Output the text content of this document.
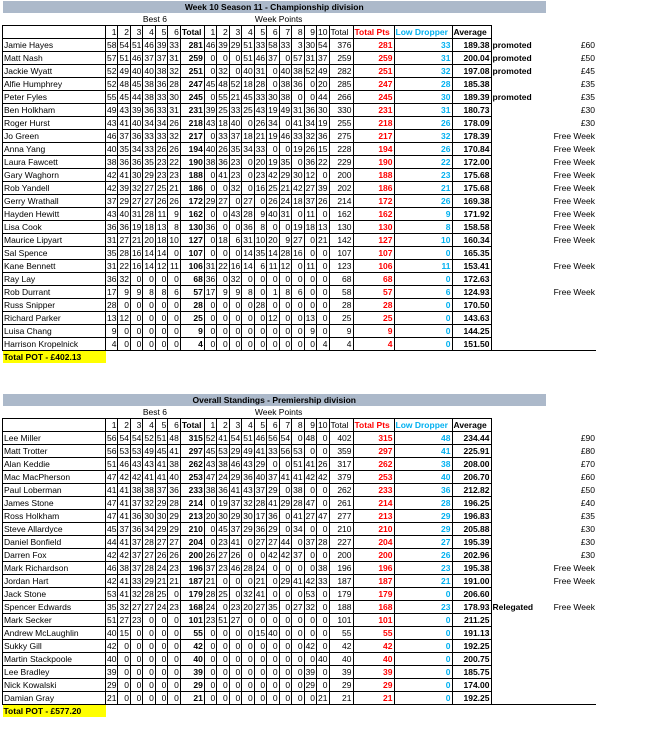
Week 10 Season 11 - Championship division																							
	Best 6							Week Points															
	1	2	3	4	5	6	Total	1	2	3	4	5	6	7	8	9	10	Total	Total Pts	Low Dropper	Average		
Jamie Hayes	58	54	51	46	39	33	281	46	39	29	51	33	58	33	3	30	54	376	281	33	189.38	promoted	£60
Matt Nash	57	51	46	37	37	31	259	0	0	0	51	46	37	0	57	31	37	259	259	31	200.04	promoted	£50
Jackie Wyatt	52	49	40	40	38	32	251	0	32	0	40	31	0	40	38	52	49	282	251	32	197.08	promoted	£45
Alfie Humphrey	52	48	45	38	36	28	247	45	48	52	18	28	0	38	36	0	20	285	247	28	185.38		£35
Peter Fyles	55	45	44	38	33	30	245	0	55	21	45	33	30	38	0	0	44	266	245	30	189.39	promoted	£35
Ben Holkham	49	43	39	36	33	31	231	39	25	33	25	43	19	49	31	36	30	330	231	31	180.73		£30
Roger Hurst	43	41	40	34	34	26	218	43	18	40	0	26	34	0	41	34	19	255	218	26	178.09		£30
Jo Green	46	37	36	33	33	32	217	0	33	37	18	21	19	46	33	32	36	275	217	32	178.39		Free Week
Anna Yang	40	35	34	33	26	26	194	40	26	35	34	33	0	0	19	26	15	228	194	26	170.84		Free Week
Laura Fawcett	38	36	36	35	23	22	190	38	36	23	0	20	19	35	0	36	22	229	190	22	172.00		Free Week
Gary Waghorn	42	41	30	29	23	23	188	0	41	23	0	23	42	29	30	12	0	200	188	23	175.68		Free Week
Rob Yandell	42	39	32	27	25	21	186	0	0	32	0	16	25	21	42	27	39	202	186	21	175.68		Free Week
Gerry Wrathall	37	29	27	27	26	26	172	29	27	0	27	0	26	24	18	37	26	214	172	26	169.38		Free Week
Hayden Hewitt	43	40	31	28	11	9	162	0	0	43	28	9	40	31	0	11	0	162	162	9	171.92		Free Week
Lisa Cook	36	36	19	18	13	8	130	36	0	0	36	8	0	0	19	18	13	130	130	8	158.58		Free Week
Maurice Lipyart	31	27	21	20	18	10	127	0	18	6	31	10	20	9	27	0	21	142	127	10	160.34		Free Week
Sal Spence	35	28	16	14	14	0	107	0	0	0	14	35	14	28	16	0	0	107	107	0	165.35		
Kane Bennett	31	22	16	14	12	11	106	31	22	16	14	6	11	12	0	11	0	123	106	11	153.41		Free Week
Ray Lay	36	32	0	0	0	0	68	36	0	32	0	0	0	0	0	0	0	68	68	0	172.63		
Rob Durrant	17	9	9	8	8	6	57	17	9	9	8	0	1	8	6	0	0	58	57	6	124.93		Free Week
Russ Snipper	28	0	0	0	0	0	28	0	0	0	0	28	0	0	0	0	0	28	28	0	170.50		
Richard Parker	13	12	0	0	0	0	25	0	0	0	0	0	12	0	0	13	0	25	25	0	143.63		
Luisa Chang	9	0	0	0	0	0	9	0	0	0	0	0	0	0	0	9	0	9	9	0	144.25		
Harrison Kropelnick	4	0	0	0	0	0	4	0	0	0	0	0	0	0	0	0	4	4	4	0	151.50		
Total POT - £402.13																							
Overall Standings - Premiership division																							
	Best 6							Week Points															
	1	2	3	4	5	6	Total	1	2	3	4	5	6	7	8	9	10	Total	Total Pts	Low Dropper	Average		
Lee Miller	56	54	54	52	51	48	315	52	41	54	51	46	56	54	0	48	0	402	315	48	234.44		£90
Matt Trotter	56	53	53	49	45	41	297	45	53	29	49	41	33	56	53	0	0	359	297	41	225.91		£80
Alan Keddie	51	46	43	43	41	38	262	43	38	46	43	29	0	0	51	41	26	317	262	38	208.00		£70
Mac MacPherson	47	42	42	41	41	40	253	47	24	29	36	40	37	41	41	42	42	379	253	40	206.70		£60
Paul Loberman	41	41	38	38	37	36	233	38	36	41	43	37	29	0	38	0	0	262	233	36	212.82		£50
James Stone	47	41	37	32	29	28	214	0	19	37	32	28	41	29	28	47	0	261	214	28	196.25		£40
Ross Holkham	47	41	36	30	30	29	213	20	30	29	30	17	36	0	41	27	47	277	213	29	196.83		£35
Steve Allardyce	45	37	36	34	29	29	210	0	45	37	29	36	29	0	34	0	0	210	210	29	205.88		£30
Daniel Bonfield	44	41	37	28	27	27	204	0	23	41	0	27	27	44	0	37	28	227	204	27	195.39		£30
Darren Fox	42	42	37	27	26	26	200	26	27	26	0	0	42	42	37	0	0	200	200	26	202.96		£30
Mark Richardson	46	38	37	28	24	23	196	37	23	46	28	24	0	0	0	0	38	196	196	23	195.38		Free Week
Jordan Hart	42	41	33	29	21	21	187	21	0	0	0	21	0	29	41	42	33	187	187	21	191.00		Free Week
Jack Stone	53	41	32	28	25	0	179	28	25	0	32	41	0	0	0	53	0	179	179	0	206.60		
Spencer Edwards	35	32	27	27	24	23	168	24	0	23	20	27	35	0	27	32	0	188	168	23	178.93	Relegated	Free Week
Mark Secker	51	27	23	0	0	0	101	23	51	27	0	0	0	0	0	0	0	101	101	0	211.25		
Andrew McLaughlin	40	15	0	0	0	0	55	0	0	0	0	15	40	0	0	0	0	55	55	0	191.13		
Sukky Gill	42	0	0	0	0	0	42	0	0	0	0	0	0	0	0	42	0	42	42	0	192.25		
Martin Stackpoole	40	0	0	0	0	0	40	0	0	0	0	0	0	0	0	0	40	40	40	0	200.75		
Lee Bradley	39	0	0	0	0	0	39	0	0	0	0	0	0	0	0	39	0	39	39	0	185.75		
Nick Kowalski	29	0	0	0	0	0	29	0	0	0	0	0	0	0	0	29	0	29	29	0	174.00		
Damian Gray	21	0	0	0	0	0	21	0	0	0	0	0	0	0	0	0	21	21	21	0	192.25		
Total POT - £577.20																							
